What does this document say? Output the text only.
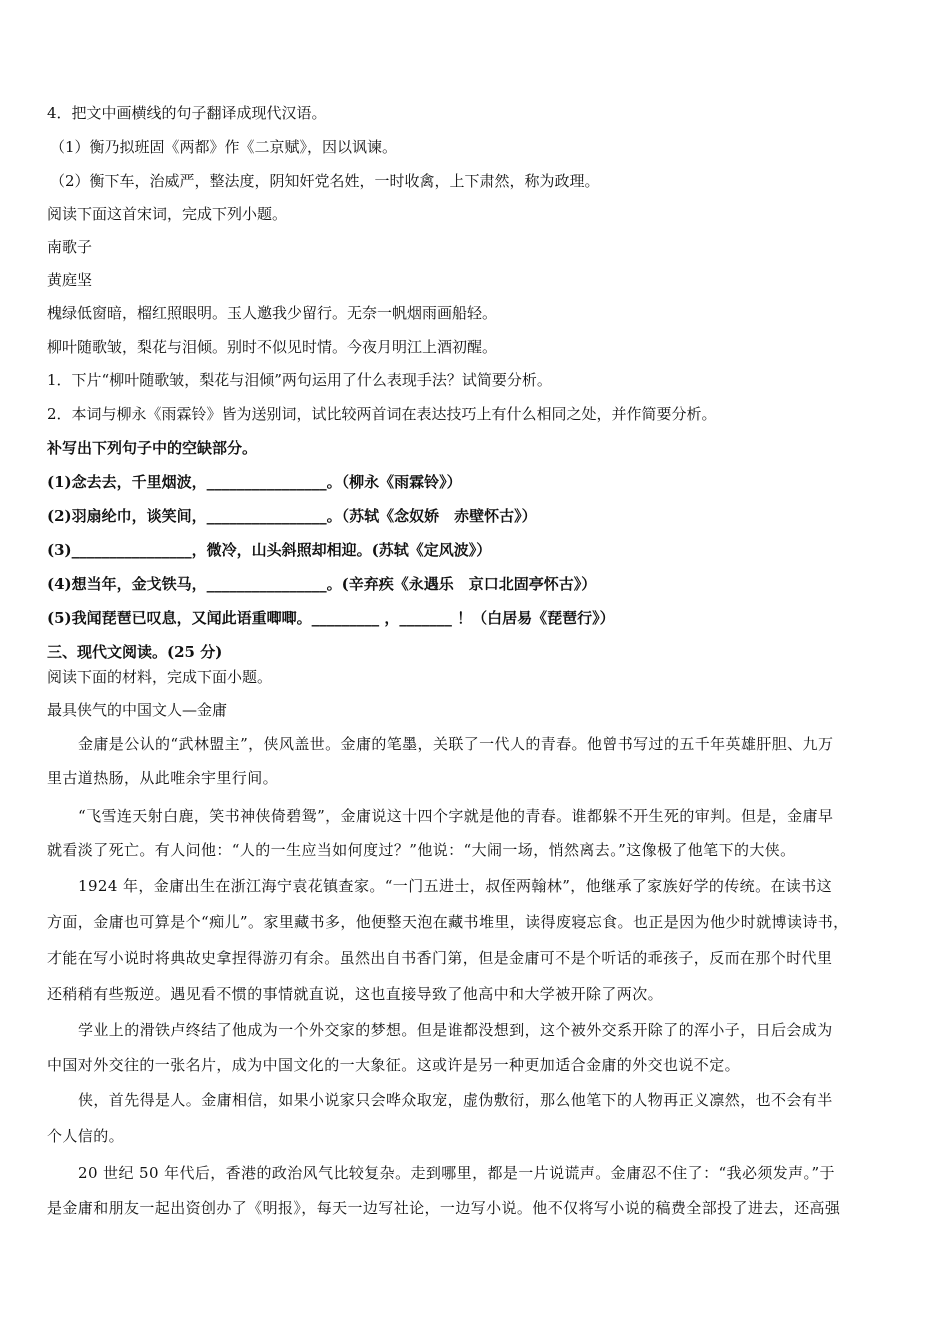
4．把文中画横线的句子翻译成现代汉语。
（1）衡乃拟班固《两都》作《二京赋》，因以讽谏。
（2）衡下车，治威严，整法度，阴知奸党名姓，一时收禽，上下肃然，称为政理。
阅读下面这首宋词，完成下列小题。
南歌子
黄庭坚
槐绿低窗暗，榴红照眼明。玉人邀我少留行。无奈一帆烟雨画船轻。
柳叶随歌皱，梨花与泪倾。别时不似见时情。今夜月明江上酒初醒。
1．下片“柳叶随歌皱，梨花与泪倾”两句运用了什么表现手法？试简要分析。
2．本词与柳永《雨霖铃》皆为送别词，试比较两首词在表达技巧上有什么相同之处，并作简要分析。
补写出下列句子中的空缺部分。
(1)念去去，千里烟波，________________。（柳永《雨霖铃》）
(2)羽扇纶巾，谈笑间，________________。（苏轼《念奴娇　赤壁怀古》）
(3)________________，微冷，山头斜照却相迎。(苏轼《定风波》）
(4)想当年，金戈铁马，________________。(辛弃疾《永遇乐　京口北固亭怀古》）
(5)我闻琵琶已叹息，又闻此语重唧唧。_________ ，_______ ！（白居易《琵琶行》）
三、现代文阅读。(25 分)
阅读下面的材料，完成下面小题。
最具侠气的中国文人—金庸
金庸是公认的“武林盟主”，侠风盖世。金庸的笔墨，关联了一代人的青春。他曾书写过的五千年英雄肝胆、九万
里古道热肠，从此唯余宇里行间。
“飞雪连天射白鹿，笑书神侠倚碧鸳”，金庸说这十四个字就是他的青春。谁都躲不开生死的审判。但是，金庸早
就看淡了死亡。有人问他：“人的一生应当如何度过？”他说：“大闹一场，悄然离去。”这像极了他笔下的大侠。
1924 年，金庸出生在浙江海宁袁花镇查家。“一门五进士，叔侄两翰林”，他继承了家族好学的传统。在读书这
方面，金庸也可算是个“痴儿”。家里藏书多，他便整天泡在藏书堆里，读得废寝忘食。也正是因为他少时就博读诗书，
才能在写小说时将典故史拿捏得游刃有余。虽然出自书香门第，但是金庸可不是个听话的乖孩子，反而在那个时代里
还稍稍有些叛逆。遇见看不惯的事情就直说，这也直接导致了他高中和大学被开除了两次。
学业上的滑铁卢终结了他成为一个外交家的梦想。但是谁都没想到，这个被外交系开除了的浑小子，日后会成为
中国对外交往的一张名片，成为中国文化的一大象征。这或许是另一种更加适合金庸的外交也说不定。
侠，首先得是人。金庸相信，如果小说家只会哗众取宠，虚伪敷衍，那么他笔下的人物再正义凛然，也不会有半
个人信的。
20 世纪 50 年代后，香港的政治风气比较复杂。走到哪里，都是一片说谎声。金庸忍不住了：“我必须发声。”于
是金庸和朋友一起出资创办了《明报》，每天一边写社论，一边写小说。他不仅将写小说的稿费全部投了进去，还高强
